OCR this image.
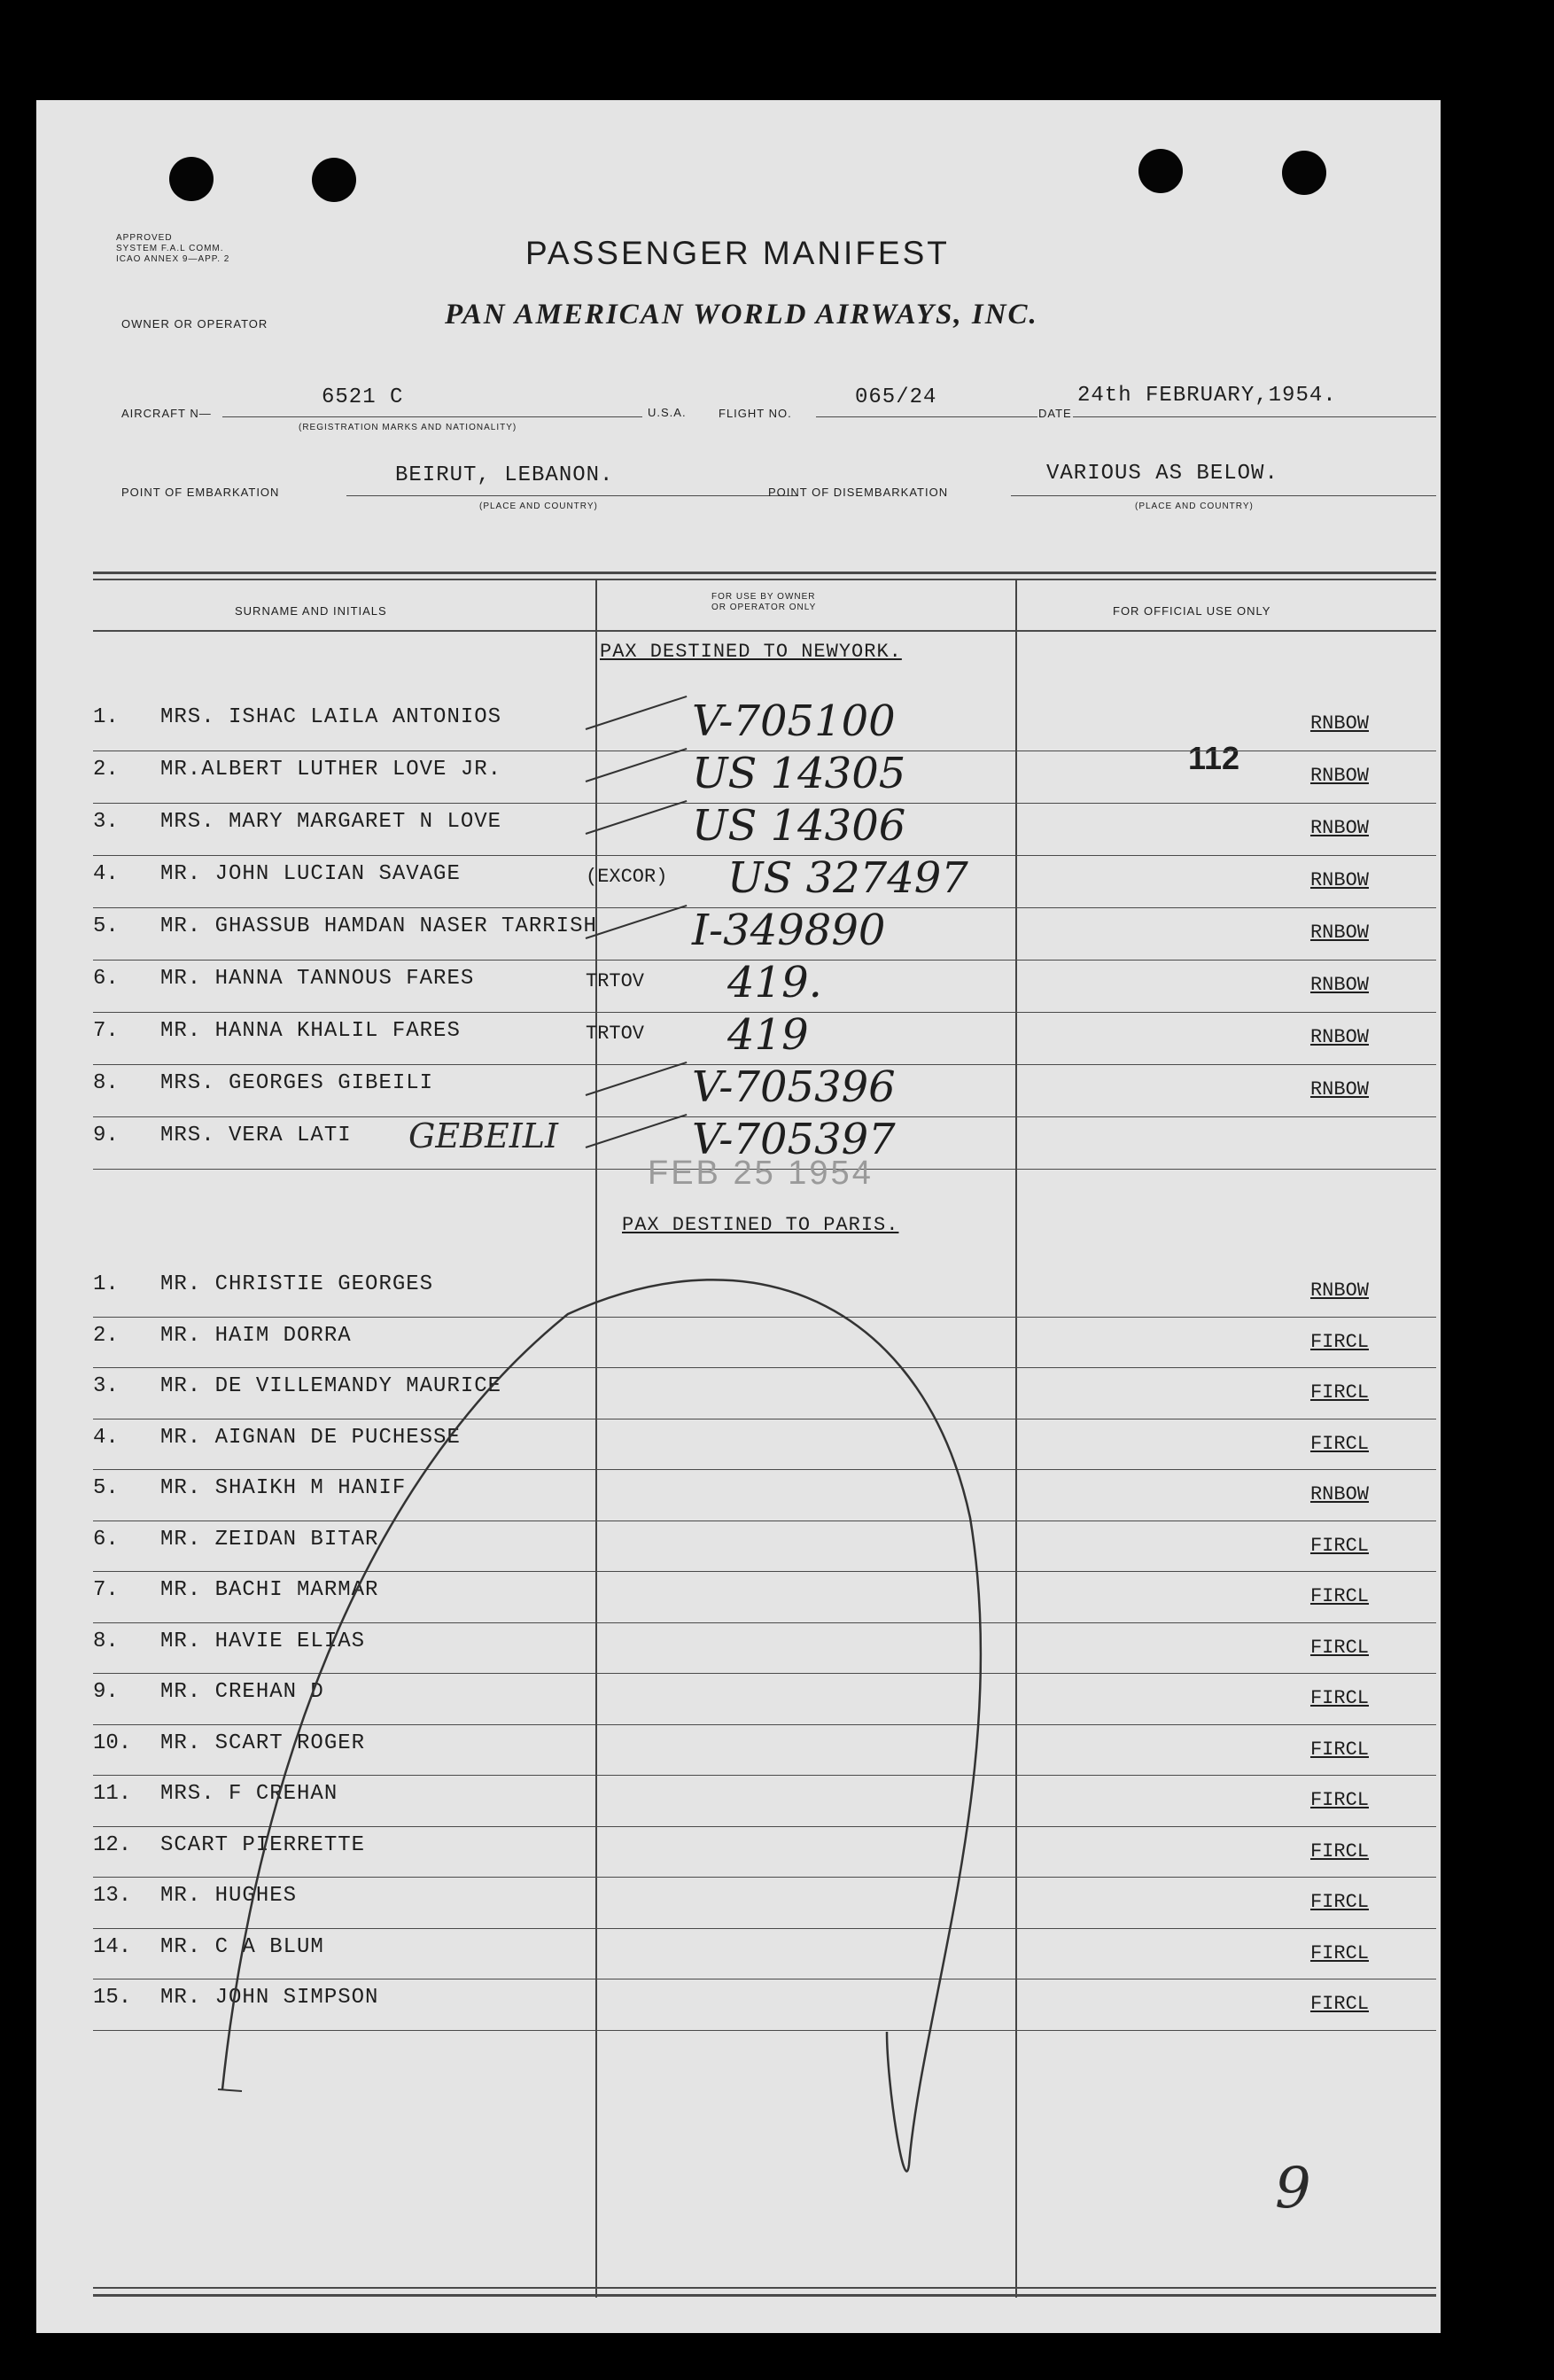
APPROVED
SYSTEM F.A.L COMM.
ICAO ANNEX 9—APP. 2	PASSENGER MANIFEST
OWNER OR OPERATOR	PAN AMERICAN WORLD AIRWAYS, INC.
AIRCRAFT N—
6521 C
(REGISTRATION MARKS AND NATIONALITY)
U.S.A.	FLIGHT NO.
065/24
DATE
24th FEBRUARY,1954.
POINT OF EMBARKATION
BEIRUT, LEBANON.
(PLACE AND COUNTRY)
POINT OF DISEMBARKATION
VARIOUS AS BELOW.
(PLACE AND COUNTRY)
SURNAME AND INITIALS
FOR USE BY OWNER
OR OPERATOR ONLY	FOR OFFICIAL USE ONLY
PAX DESTINED TO NEWYORK.
112
1. MRS. ISHAC LAILA ANTONIOS	V-705100	RNBOW
2. MR.ALBERT LUTHER LOVE JR.	US 14305	RNBOW
3. MRS. MARY MARGARET N LOVE	US 14306	RNBOW
4. MR. JOHN LUCIAN SAVAGE	(EXCOR) US 327497	RNBOW
5. MR. GHASSUB HAMDAN NASER TARRISH I-349890	RNBOW
6. MR. HANNA TANNOUS FARES	TRTOV 419.	RNBOW
7. MR. HANNA KHALIL FARES	TRTOV 419	RNBOW
8. MRS. GEORGES GIBEILI	V-705396	RNBOW
9. MRS. VERA LATI GEBEILI	V-705397
FEB 25 1954
PAX DESTINED TO PARIS.
1. MR. CHRISTIE GEORGES	RNBOW
2. MR. HAIM DORRA	FIRCL
3. MR. DE VILLEMANDY MAURICE	FIRCL
4. MR. AIGNAN DE PUCHESSE	FIRCL
5. MR. SHAIKH M HANIF	RNBOW
6. MR. ZEIDAN BITAR	FIRCL
7. MR. BACHI MARMAR	FIRCL
8. MR. HAVIE ELIAS	FIRCL
9. MR. CREHAN D	FIRCL
10. MR. SCART ROGER	FIRCL
11. MRS. F CREHAN	FIRCL
12. SCART PIERRETTE	FIRCL
13. MR. HUGHES	FIRCL
14. MR. C A BLUM	FIRCL
15. MR. JOHN SIMPSON	FIRCL
9
